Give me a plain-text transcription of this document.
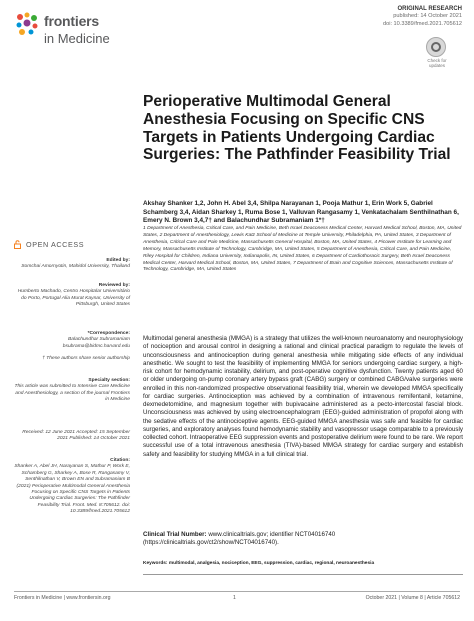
frontiers
in Medicine
ORIGINAL RESEARCH
published: 14 October 2021
doi: 10.3389/fmed.2021.705612
Check for updates
Perioperative Multimodal General Anesthesia Focusing on Specific CNS Targets in Patients Undergoing Cardiac Surgeries: The Pathfinder Feasibility Trial
Akshay Shanker 1,2, John H. Abel 3,4, Shilpa Narayanan 1, Pooja Mathur 1, Erin Work 5, Gabriel Schamberg 3,4, Aidan Sharkey 1, Ruma Bose 1, Valluvan Rangasamy 1, Venkatachalam Senthilnathan 6, Emery N. Brown 3,4,7† and Balachundhar Subramaniam 1*†
1 Department of Anesthesia, Critical Care, and Pain Medicine, Beth Israel Deaconess Medical Center, Harvard Medical School, Boston, MA, United States, 2 Department of Anesthesiology, Lewis Katz School of Medicine at Temple University, Philadelphia, PA, United States, 3 Department of Anesthesia, Critical Care and Pain Medicine, Massachusetts General Hospital, Boston, MA, United States, 4 Picower Institute for Learning and Memory, Massachusetts Institute of Technology, Cambridge, MA, United States, 5 Department of Anesthesia, Critical Care, and Pain Medicine, Riley Hospital for Children, Indiana University, Indianapolis, IN, United States, 6 Department of Cardiothoracic Surgery, Beth Israel Deaconess Medical Center, Harvard Medical School, Boston, MA, United States, 7 Department of Brain and Cognitive Sciences, Massachusetts Institute of Technology, Cambridge, MA, United States
Multimodal general anesthesia (MMGA) is a strategy that utilizes the well-known neuroanatomy and neurophysiology of nociception and arousal control in designing a rational and clinical practical paradigm to regulate the levels of unconsciousness and antinociception during general anesthesia while mitigating side effects of any individual anesthetic. We sought to test the feasibility of implementing MMGA for seniors undergoing cardiac surgery, a high-risk cohort for hemodynamic instability, delirium, and post-operative cognitive dysfunction. Twenty patients aged 60 or older undergoing on-pump coronary artery bypass graft (CABG) surgery or combined CABG/valve surgeries were enrolled in this non-randomized prospective observational feasibility trial, wherein we developed MMGA specifically for cardiac surgeries. Antinociception was achieved by a combination of intravenous remifentanil, ketamine, dexmedetomidine, and magnesium together with bupivacaine administered as a pecto-intercostal fascial block. Unconsciousness was achieved by using electroencephalogram (EEG)-guided administration of propofol along with the sedative effects of the antinociceptive agents. EEG-guided MMGA anesthesia was safe and feasible for cardiac surgeries, and exploratory analyses found hemodynamic stability and vasopressor usage comparable to a previously collected cohort. Intraoperative EEG suppression events and postoperative delirium were found to be rare. We report successful use of a total intravenous anesthesia (TIVA)-based MMGA strategy for cardiac surgery and establish safety and feasibility for studying MMGA in a full clinical trial.
Clinical Trial Number: www.clinicaltrials.gov; identifier NCT04016740 (https://clinicaltrials.gov/ct2/show/NCT04016740).
Keywords: multimodal, analgesia, nociception, EEG, suppression, cardiac, regional, neuroanesthesia
OPEN ACCESS
Edited by:
Somchai Amornyotin, Mahidol University, Thailand
Reviewed by:
Humberto Machado, Centro Hospitalar Universitário do Porto, Portugal Alia Murat Kaynar, University of Pittsburgh, United States
*Correspondence:
Balachundhar Subramaniam bsubrama@bidmc.harvard.edu
† These authors share senior authorship
Specialty section:
This article was submitted to Intensive Care Medicine and Anesthesiology, a section of the journal Frontiers in Medicine
Received: 12 June 2021 Accepted: 15 September 2021 Published: 14 October 2021
Citation:
Shanker A, Abel JH, Narayanan S, Mathur P, Work E, Schamberg G, Sharkey A, Bose R, Rangasamy V, Senthilnathan V, Brown EN and Subramaniam B (2021) Perioperative Multimodal General Anesthesia Focusing on Specific CNS Targets in Patients Undergoing Cardiac Surgeries: The Pathfinder Feasibility Trial. Front. Med. 8:705612. doi: 10.3389/fmed.2021.705612
Frontiers in Medicine | www.frontiersin.org	1	October 2021 | Volume 8 | Article 705612
